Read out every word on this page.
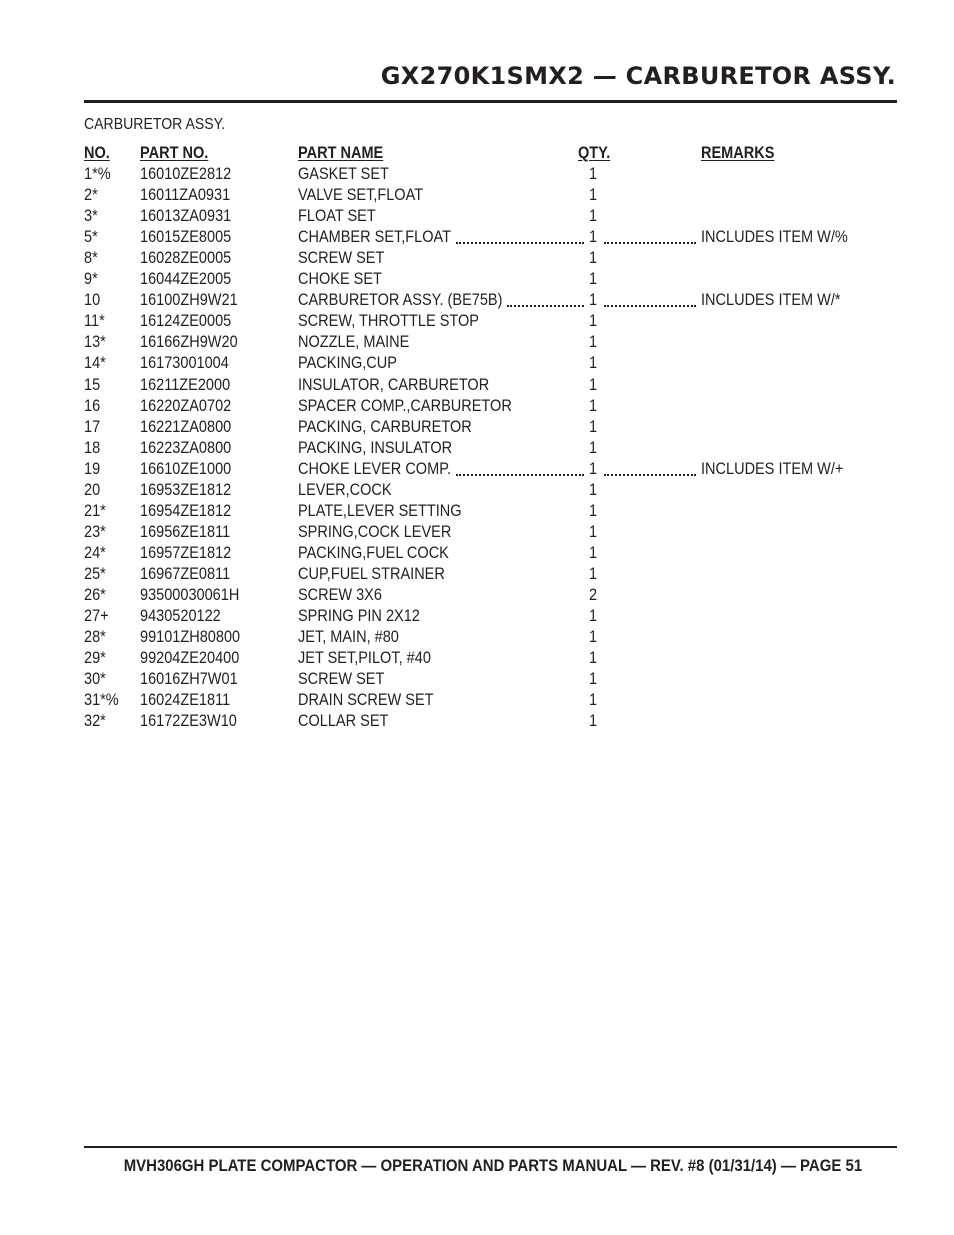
GX270K1SMX2 — CARBURETOR ASSY.
CARBURETOR ASSY.
NO. PART NO.	PART NAME	QTY.	REMARKS
1*% 16010ZE2812	GASKET SET	1
2*	16011ZA0931	VALVE SET,FLOAT	1
3*	16013ZA0931	FLOAT SET	1
5*	16015ZE8005	CHAMBER SET,FLOAT	1	INCLUDES ITEM W/%
8*	16028ZE0005	SCREW SET	1
9*	16044ZE2005	CHOKE SET	1
10 16100ZH9W21	CARBURETOR ASSY. (BE75B)	1	INCLUDES ITEM W/*
11* 16124ZE0005	SCREW, THROTTLE STOP	1
13* 16166ZH9W20	NOZZLE, MAINE	1
14* 16173001004	PACKING,CUP	1
15 16211ZE2000	INSULATOR, CARBURETOR	1
16 16220ZA0702	SPACER COMP.,CARBURETOR	1
17 16221ZA0800	PACKING, CARBURETOR	1
18 16223ZA0800	PACKING, INSULATOR	1
19 16610ZE1000	CHOKE LEVER COMP.	1	INCLUDES ITEM W/+
20 16953ZE1812	LEVER,COCK	1
21* 16954ZE1812	PLATE,LEVER SETTING	1
23* 16956ZE1811	SPRING,COCK LEVER	1
24* 16957ZE1812	PACKING,FUEL COCK	1
25* 16967ZE0811	CUP,FUEL STRAINER	1
26* 93500030061H	SCREW 3X6	2
27+ 9430520122	SPRING PIN 2X12	1
28* 99101ZH80800	JET, MAIN, #80	1
29* 99204ZE20400	JET SET,PILOT, #40	1
30* 16016ZH7W01	SCREW SET	1
31*% 16024ZE1811	DRAIN SCREW SET	1
32* 16172ZE3W10	COLLAR SET	1
MVH306GH PLATE COMPACTOR — OPERATION AND PARTS MANUAL — REV. #8 (01/31/14) — PAGE 51
